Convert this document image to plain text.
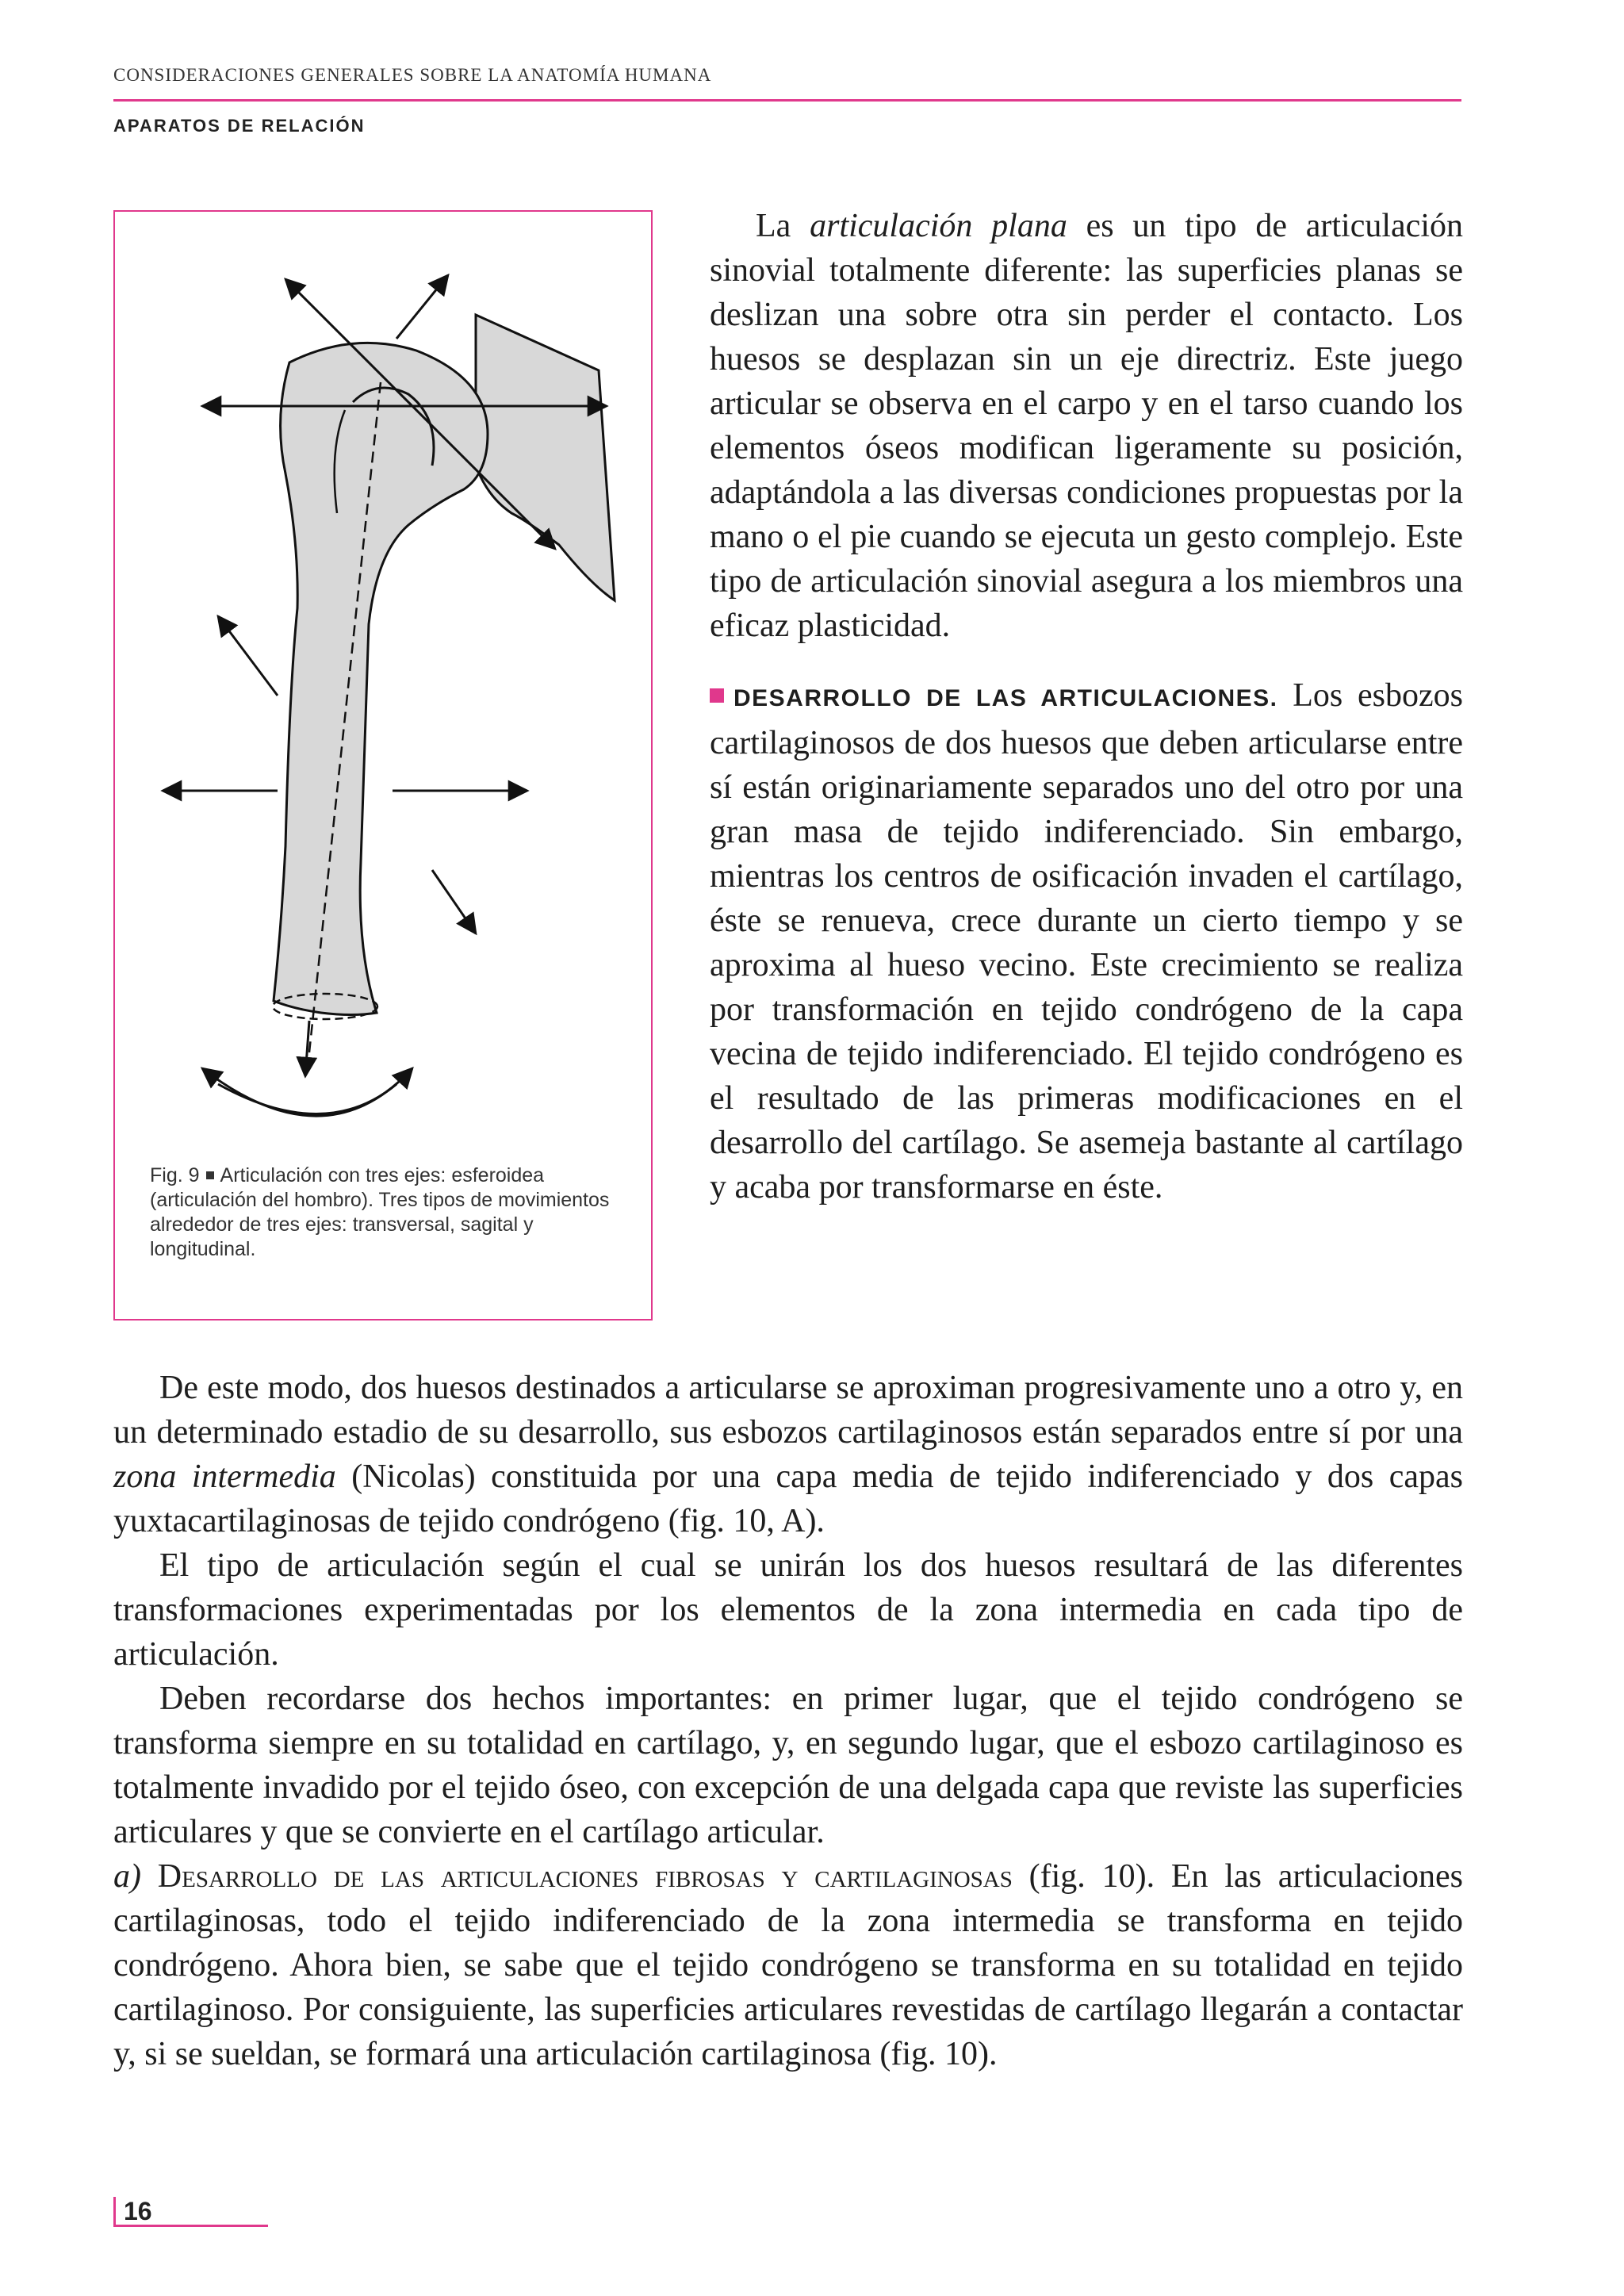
CONSIDERACIONES GENERALES SOBRE LA ANATOMÍA HUMANA
APARATOS DE RELACIÓN
Fig. 9 Articulación con tres ejes: esferoidea (articulación del hombro). Tres tipos de movimientos alrededor de tres ejes: transversal, sagital y longitudinal.

La articulación plana es un tipo de articulación sinovial totalmente diferente: las superficies planas se deslizan una sobre otra sin perder el contacto. Los huesos se desplazan sin un eje directriz. Este juego articular se observa en el carpo y en el tarso cuando los elementos óseos modifican ligeramente su posición, adaptándola a las diversas condiciones propuestas por la mano o el pie cuando se ejecuta un gesto complejo. Este tipo de articulación sinovial asegura a los miembros una eficaz plasticidad.

DESARROLLO DE LAS ARTICULACIONES. Los esbozos cartilaginosos de dos huesos que deben articularse entre sí están originariamente separados uno del otro por una gran masa de tejido indiferenciado. Sin embargo, mientras los centros de osificación invaden el cartílago, éste se renueva, crece durante un cierto tiempo y se aproxima al hueso vecino. Este crecimiento se realiza por transformación en tejido condrógeno de la capa vecina de tejido indiferenciado. El tejido condrógeno es el resultado de las primeras modificaciones en el desarrollo del cartílago. Se asemeja bastante al cartílago y acaba por transformarse en éste.

De este modo, dos huesos destinados a articularse se aproximan progresivamente uno a otro y, en un determinado estadio de su desarrollo, sus esbozos cartilaginosos están separados entre sí por una zona intermedia (Nicolas) constituida por una capa media de tejido indiferenciado y dos capas yuxtacartilaginosas de tejido condrógeno (fig. 10, A).

El tipo de articulación según el cual se unirán los dos huesos resultará de las diferentes transformaciones experimentadas por los elementos de la zona intermedia en cada tipo de articulación.

Deben recordarse dos hechos importantes: en primer lugar, que el tejido condrógeno se transforma siempre en su totalidad en cartílago, y, en segundo lugar, que el esbozo cartilaginoso es totalmente invadido por el tejido óseo, con excepción de una delgada capa que reviste las superficies articulares y que se convierte en el cartílago articular.

a) Desarrollo de las articulaciones fibrosas y cartilaginosas (fig. 10). En las articulaciones cartilaginosas, todo el tejido indiferenciado de la zona intermedia se transforma en tejido condrógeno. Ahora bien, se sabe que el tejido condrógeno se transforma en su totalidad en tejido cartilaginoso. Por consiguiente, las superficies articulares revestidas de cartílago llegarán a contactar y, si se sueldan, se formará una articulación cartilaginosa (fig. 10).

16
